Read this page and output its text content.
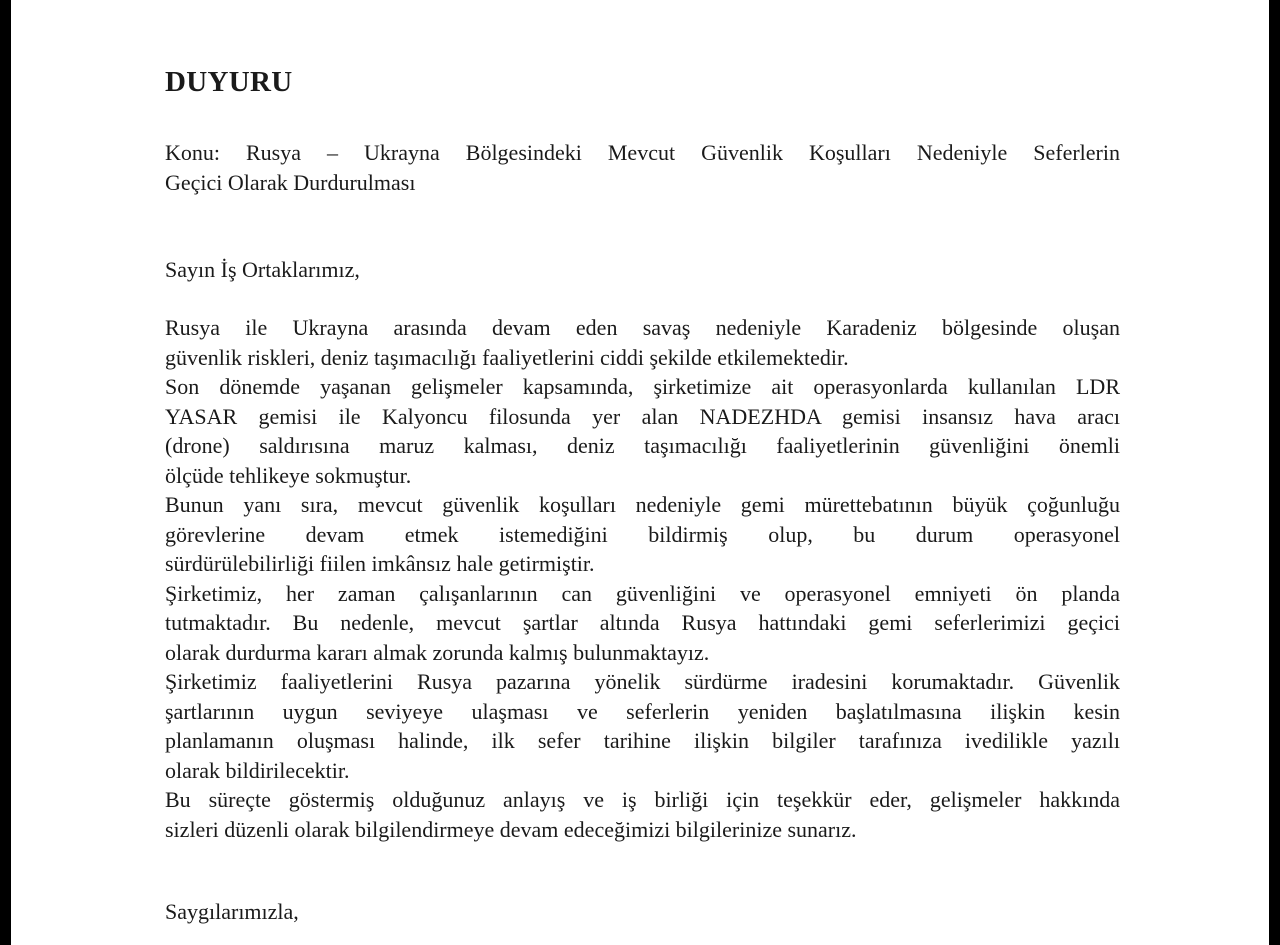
DUYURU
Konu: Rusya – Ukrayna Bölgesindeki Mevcut Güvenlik Koşulları Nedeniyle Seferlerin
Geçici Olarak Durdurulması
Sayın İş Ortaklarımız,
Rusya ile Ukrayna arasında devam eden savaş nedeniyle Karadeniz bölgesinde oluşan
güvenlik riskleri, deniz taşımacılığı faaliyetlerini ciddi şekilde etkilemektedir.
Son dönemde yaşanan gelişmeler kapsamında, şirketimize ait operasyonlarda kullanılan LDR
YASAR gemisi ile Kalyoncu filosunda yer alan NADEZHDA gemisi insansız hava aracı
(drone) saldırısına maruz kalması, deniz taşımacılığı faaliyetlerinin güvenliğini önemli
ölçüde tehlikeye sokmuştur.
Bunun yanı sıra, mevcut güvenlik koşulları nedeniyle gemi mürettebatının büyük çoğunluğu
görevlerine devam etmek istemediğini bildirmiş olup, bu durum operasyonel
sürdürülebilirliği fiilen imkânsız hale getirmiştir.
Şirketimiz, her zaman çalışanlarının can güvenliğini ve operasyonel emniyeti ön planda
tutmaktadır. Bu nedenle, mevcut şartlar altında Rusya hattındaki gemi seferlerimizi geçici
olarak durdurma kararı almak zorunda kalmış bulunmaktayız.
Şirketimiz faaliyetlerini Rusya pazarına yönelik sürdürme iradesini korumaktadır. Güvenlik
şartlarının uygun seviyeye ulaşması ve seferlerin yeniden başlatılmasına ilişkin kesin
planlamanın oluşması halinde, ilk sefer tarihine ilişkin bilgiler tarafınıza ivedilikle yazılı
olarak bildirilecektir.
Bu süreçte göstermiş olduğunuz anlayış ve iş birliği için teşekkür eder, gelişmeler hakkında
sizleri düzenli olarak bilgilendirmeye devam edeceğimizi bilgilerinize sunarız.
Saygılarımızla,
